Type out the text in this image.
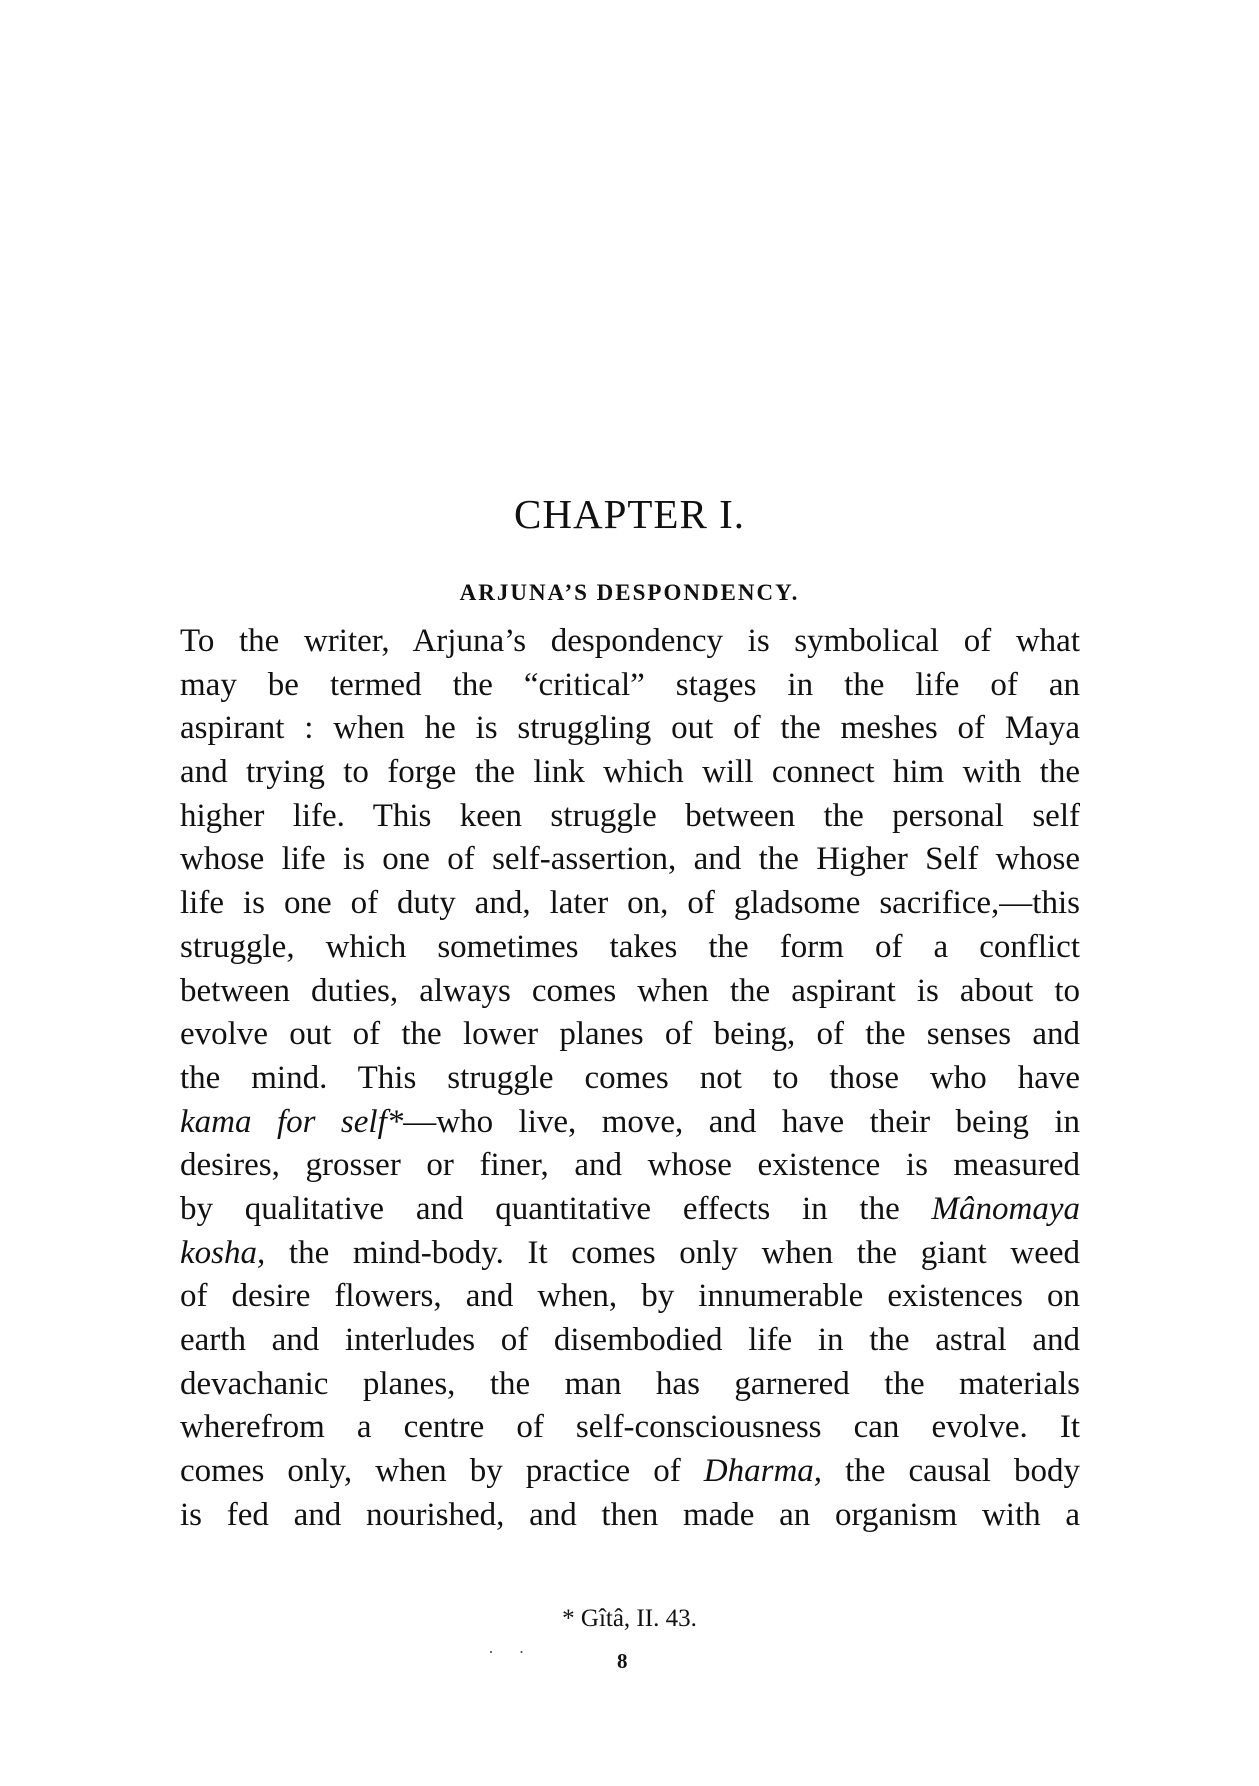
CHAPTER I.
ARJUNA’S DESPONDENCY.
To the writer, Arjuna’s despondency is symbolical of what
may be termed the “critical” stages in the life of an
aspirant : when he is struggling out of the meshes of Maya
and trying to forge the link which will connect him with the
higher life. This keen struggle between the personal self
whose life is one of self-assertion, and the Higher Self whose
life is one of duty and, later on, of gladsome sacrifice,—this
struggle, which sometimes takes the form of a conflict
between duties, always comes when the aspirant is about to
evolve out of the lower planes of being, of the senses and
the mind. This struggle comes not to those who have
kama for self*—who live, move, and have their being in
desires, grosser or finer, and whose existence is measured
by qualitative and quantitative effects in the Mânomaya
kosha, the mind-body. It comes only when the giant weed
of desire flowers, and when, by innumerable existences on
earth and interludes of disembodied life in the astral and
devachanic planes, the man has garnered the materials
wherefrom a centre of self-consciousness can evolve. It
comes only, when by practice of Dharma, the causal body
is fed and nourished, and then made an organism with a
* Gîtâ, II. 43.
· ·	8
